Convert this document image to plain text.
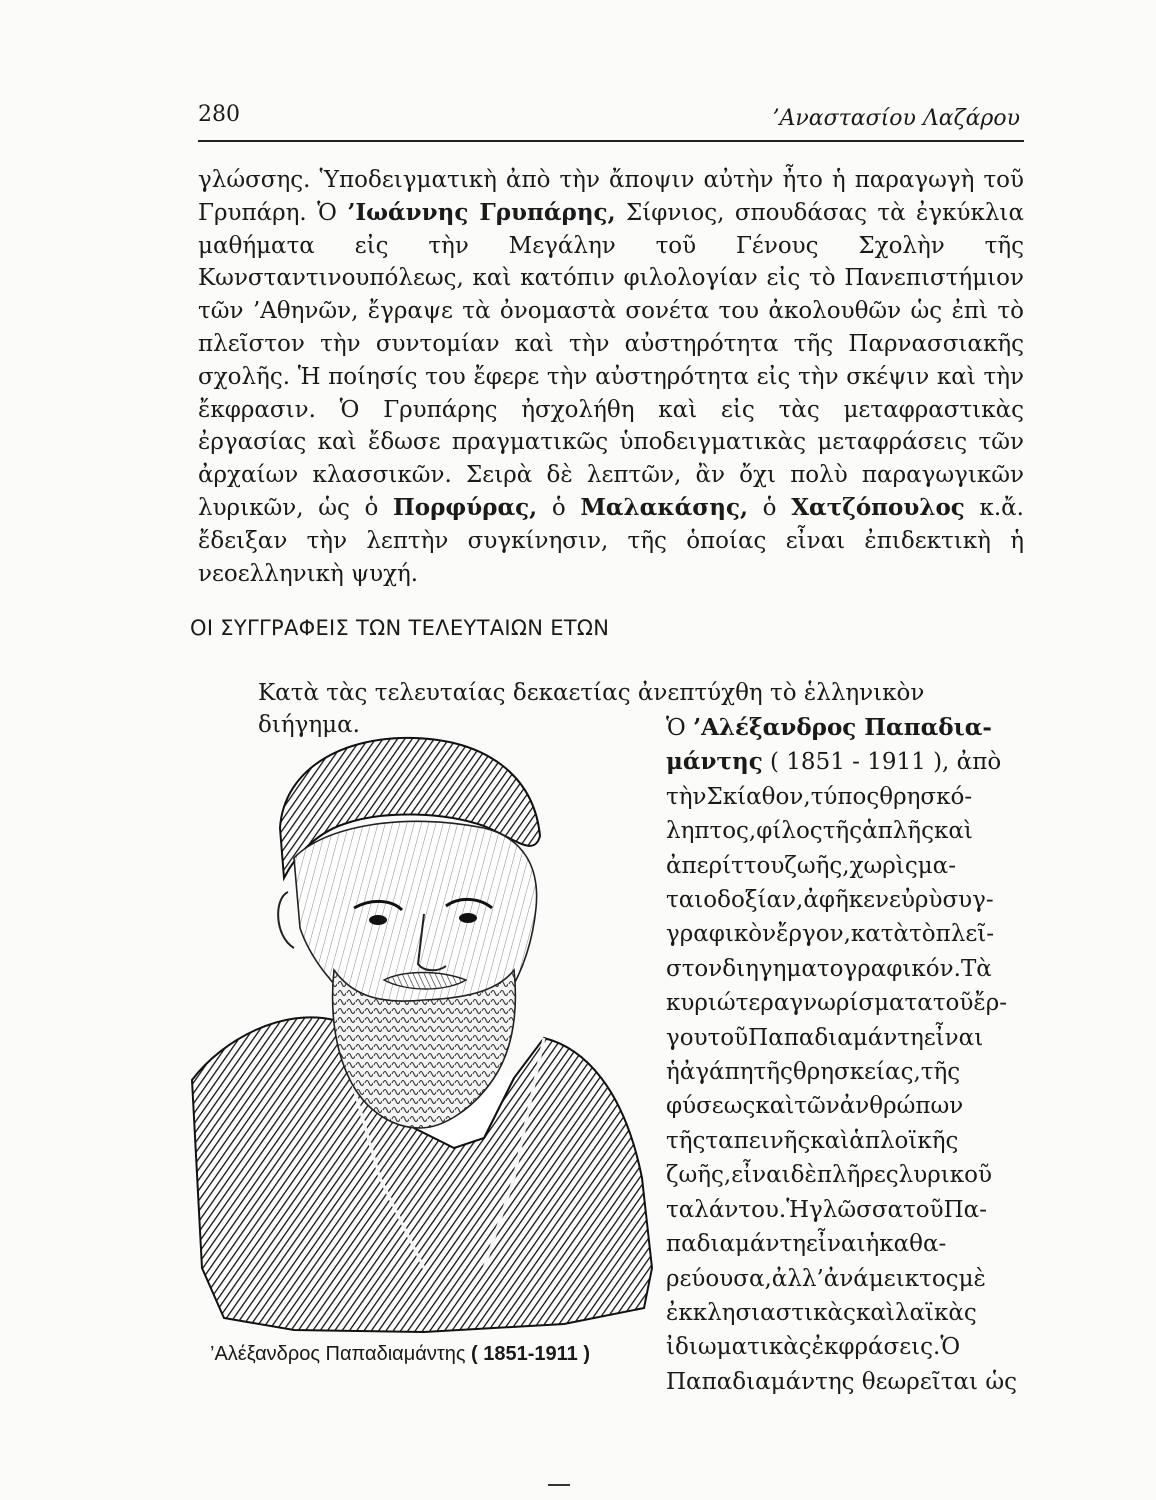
280	’Αναστασίου Λαζάρου

γλώσσης. Ὑποδειγματικὴ ἀπὸ τὴν ἄποψιν αὐτὴν ἦτο ἡ παραγωγὴ τοῦ Γρυπάρη. Ὁ ’Ιωάννης Γρυπάρης, Σίφνιος, σπουδάσας τὰ ἐγκύκλια μαθήματα εἰς τὴν Μεγάλην τοῦ Γένους Σχολὴν τῆς Κωνσταντινουπόλεως, καὶ κατόπιν φιλολογίαν εἰς τὸ Πανεπιστήμιον τῶν ’Αθηνῶν, ἔγραψε τὰ ὀνομαστὰ σονέτα του ἀκολουθῶν ὡς ἐπὶ τὸ πλεῖστον τὴν συντομίαν καὶ τὴν αὐστηρότητα τῆς Παρνασσιακῆς σχολῆς. Ἡ ποίησίς του ἔφερε τὴν αὐστηρότητα εἰς τὴν σκέψιν καὶ τὴν ἔκφρασιν. Ὁ Γρυπάρης ἠσχολήθη καὶ εἰς τὰς μεταφραστικὰς ἐργασίας καὶ ἔδωσε πραγματικῶς ὑποδειγματικὰς μεταφράσεις τῶν ἀρχαίων κλασσικῶν. Σειρὰ δὲ λεπτῶν, ἂν ὄχι πολὺ παραγωγικῶν λυρικῶν, ὡς ὁ Πορφύρας, ὁ Μαλακάσης, ὁ Χατζόπουλος κ.ἄ. ἔδειξαν τὴν λεπτὴν συγκίνησιν, τῆς ὁποίας εἶναι ἐπιδεκτικὴ ἡ νεοελληνικὴ ψυχή.

ΟΙ ΣΥΓΓΡΑΦΕΙΣ ΤΩΝ ΤΕΛΕΥΤΑΙΩΝ ΕΤΩΝ
Κατὰ τὰς τελευταίας δεκαετίας ἀνεπτύχθη τὸ ἑλληνικὸν διήγημα.
’Αλέξανδρος Παπαδιαμάντης ( 1851-1911 )
Ὁ ’Αλέξανδρος Παπαδια-
μάντης ( 1851 - 1911 ), ἀπὸ
τὴνΣκίαθον,τύποςθρησκό-
ληπτος,φίλοςτῆςἁπλῆςκαὶ
ἀπερίττουζωῆς,χωρὶςμα-
ταιοδοξίαν,ἀφῆκενεὐρὺσυγ-
γραφικὸνἔργον,κατὰτὸπλεῖ-
στονδιηγηματογραφικόν.Τὰ
κυριώτεραγνωρίσματατοῦἔρ-
γουτοῦΠαπαδιαμάντηεἶναι
ἡἀγάπητῆςθρησκείας,τῆς
φύσεωςκαὶτῶνἀνθρώπων
τῆςταπεινῆςκαὶἁπλοϊκῆς
ζωῆς,εἶναιδὲπλῆρεςλυρικοῦ
ταλάντου.ἩγλῶσσατοῦΠα-
παδιαμάντηεἶναιἡκαθα-
ρεύουσα,ἀλλ’ἀνάμεικτοςμὲ
ἐκκλησιαστικὰςκαὶλαϊκὰς
ἰδιωματικὰςἐκφράσεις.Ὁ
Παπαδιαμάντης θεωρεῖται ὡς
